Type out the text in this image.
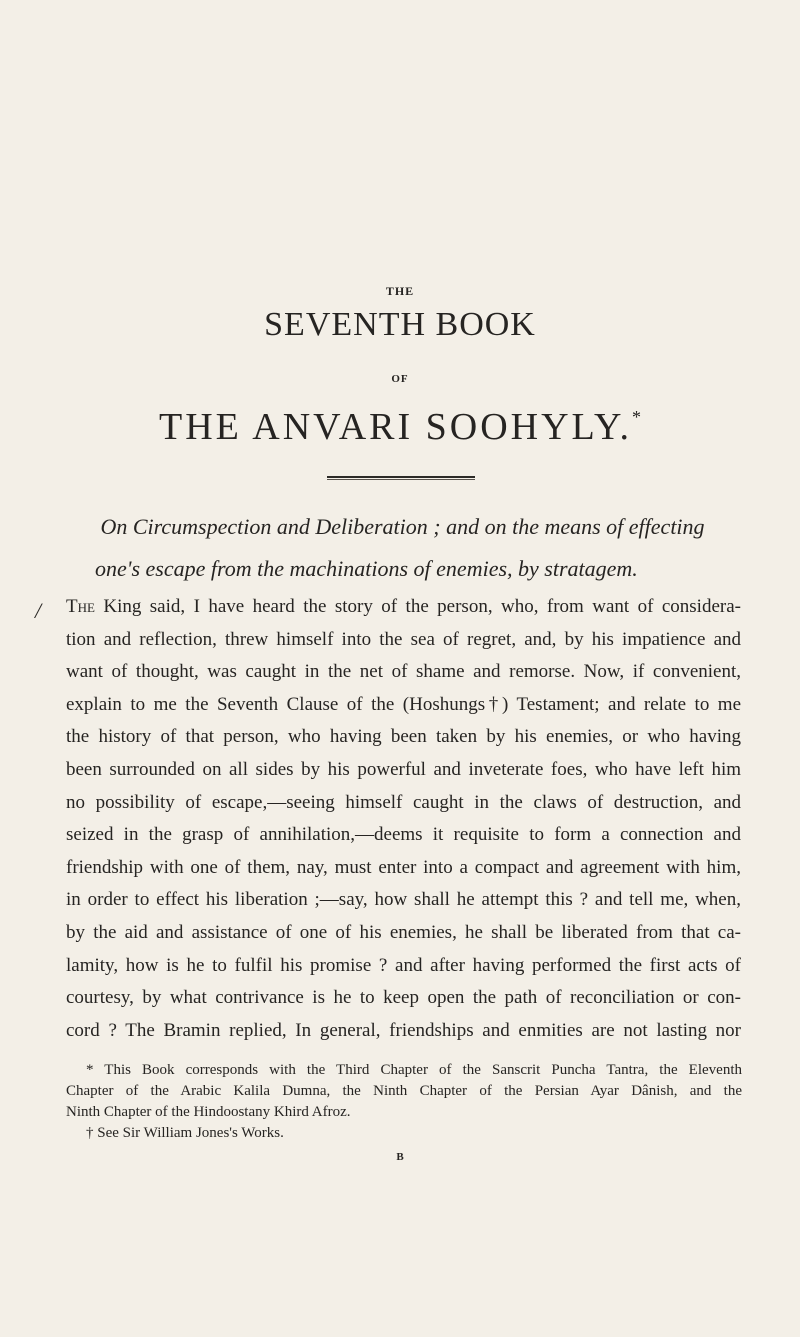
THE
SEVENTH BOOK
OF
THE ANVARI SOOHYLY.*
On Circumspection and Deliberation ; and on the means of effecting
one's escape from the machinations of enemies, by stratagem.
/ The King said, I have heard the story of the person, who, from want of considera-
tion and reflection, threw himself into the sea of regret, and, by his impatience and
want of thought, was caught in the net of shame and remorse. Now, if convenient,
explain to me the Seventh Clause of the (Hoshungs†) Testament; and relate to me
the history of that person, who having been taken by his enemies, or who having
been surrounded on all sides by his powerful and inveterate foes, who have left him
no possibility of escape,—seeing himself caught in the claws of destruction, and
seized in the grasp of annihilation,—deems it requisite to form a connection and
friendship with one of them, nay, must enter into a compact and agreement with him,
in order to effect his liberation ;—say, how shall he attempt this ? and tell me, when,
by the aid and assistance of one of his enemies, he shall be liberated from that ca-
lamity, how is he to fulfil his promise ? and after having performed the first acts of
courtesy, by what contrivance is he to keep open the path of reconciliation or con-
cord ? The Bramin replied, In general, friendships and enmities are not lasting nor
* This Book corresponds with the Third Chapter of the Sanscrit Puncha Tantra, the Eleventh
Chapter of the Arabic Kalila Dumna, the Ninth Chapter of the Persian Ayar Dânish, and the
Ninth Chapter of the Hindoostany Khird Afroz.
† See Sir William Jones's Works.
B
